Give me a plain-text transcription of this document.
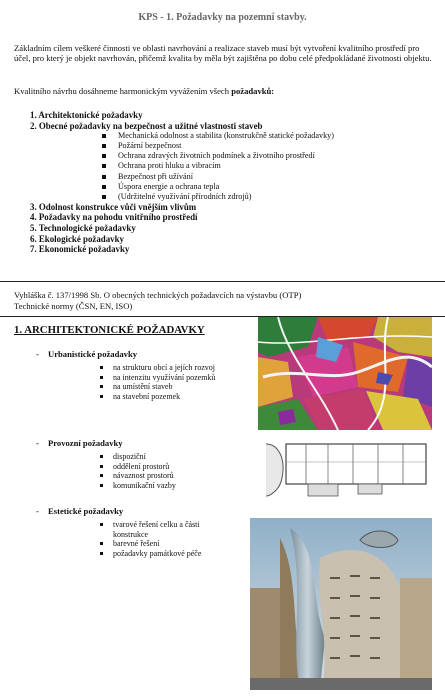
KPS - 1. Požadavky na pozemní stavby.

Základním cílem veškeré činnosti ve oblasti navrhování a realizace staveb musí být vytvoření kvalitního prostředí pro účel, pro který je objekt navrhován, přičemž kvalita by měla být zajištěna po dobu celé předpokládané životnosti objektu.

Kvalitního návrhu dosáhneme harmonickým vyvážením všech požadavků:

1. Architektonické požadavky
2. Obecné požadavky na bezpečnost a užitné vlastnosti staveb
Mechanická odolnost a stabilita (konstrukčně statické požadavky)
Požární bezpečnost
Ochrana zdravých životních podmínek a životního prostředí
Ochrana proti hluku a vibracím
Bezpečnost při užívání
Úspora energie a ochrana tepla
(Udržitelné využívání přírodních zdrojů)
3. Odolnost konstrukce vůči vnějším vlivům
4. Požadavky na pohodu vnitřního prostředí
5. Technologické požadavky
6. Ekologické požadavky
7. Ekonomické požadavky
Vyhláška č. 137/1998 Sb. O obecných technických požadavcích na výstavbu (OTP)
Technické normy (ČSN, EN, ISO)
1. ARCHITEKTONICKÉ POŽADAVKY
- Urbanistické požadavky
na strukturu obcí a jejích rozvoj
na intenzitu využívání pozemků
na umístění staveb
na stavební pozemek
- Provozní požadavky
dispoziční
oddělení prostorů
návaznost prostorů
komunikační vazby
- Estetické požadavky
tvarové řešení celku a části konstrukce
barevné řešení
požadavky památkové péče
